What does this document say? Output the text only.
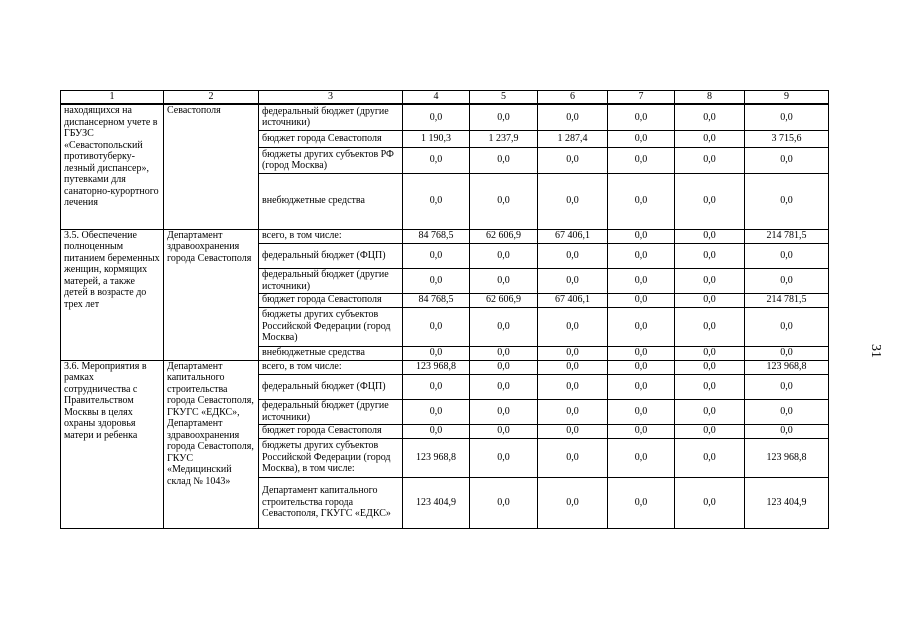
1	2	3	4	5	6	7	8	9
находящихся на диспансерном учете в ГБУЗС «Севастопольский противотуберку-лезный диспансер», путевками для санаторно-курортного лечения	Севастополя	федеральный бюджет (другие источники)	0,0	0,0	0,0	0,0	0,0	0,0
		бюджет города Севастополя	1 190,3	1 237,9	1 287,4	0,0	0,0	3 715,6
		бюджеты других субъектов РФ (город Москва)	0,0	0,0	0,0	0,0	0,0	0,0
		внебюджетные средства	0,0	0,0	0,0	0,0	0,0	0,0
3.5. Обеспечение полноценным питанием беременных женщин, кормящих матерей, а также детей в возрасте до трех лет	Департамент здравоохранения города Севастополя	всего, в том числе:	84 768,5	62 606,9	67 406,1	0,0	0,0	214 781,5
		федеральный бюджет (ФЦП)	0,0	0,0	0,0	0,0	0,0	0,0
		федеральный бюджет (другие источники)	0,0	0,0	0,0	0,0	0,0	0,0
		бюджет города Севастополя	84 768,5	62 606,9	67 406,1	0,0	0,0	214 781,5
		бюджеты других субъектов Российской Федерации (город Москва)	0,0	0,0	0,0	0,0	0,0	0,0
		внебюджетные средства	0,0	0,0	0,0	0,0	0,0	0,0
3.6. Мероприятия в рамках сотрудничества с Правительством Москвы в целях охраны здоровья матери и ребенка	Департамент капитального строительства города Севастополя, ГКУГС «ЕДКС», Департамент здравоохранения города Севастополя, ГКУС «Медицинский склад № 1043»	всего, в том числе:	123 968,8	0,0	0,0	0,0	0,0	123 968,8
		федеральный бюджет (ФЦП)	0,0	0,0	0,0	0,0	0,0	0,0
		федеральный бюджет (другие источники)	0,0	0,0	0,0	0,0	0,0	0,0
		бюджет города Севастополя	0,0	0,0	0,0	0,0	0,0	0,0
		бюджеты других субъектов Российской Федерации (город Москва), в том числе:	123 968,8	0,0	0,0	0,0	0,0	123 968,8
		Департамент капитального строительства города Севастополя, ГКУГС «ЕДКС»	123 404,9	0,0	0,0	0,0	0,0	123 404,9
31
